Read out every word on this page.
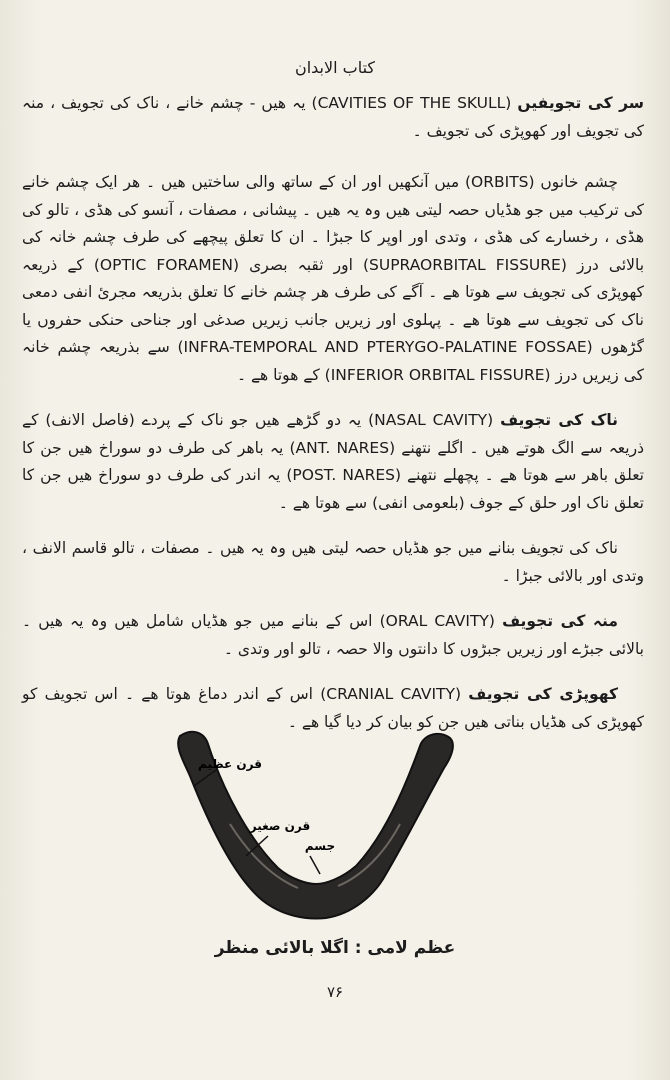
کتاب الابدان

سر کی تجویفیں (CAVITIES OF THE SKULL) یہ ھیں - چشم خانے ، ناک کی تجویف ، منہ کی تجویف اور کھوپڑی کی تجویف ۔

چشم خانوں (ORBITS) میں آنکھیں اور ان کے ساتھ والی ساختیں ھیں ۔ ھر ایک چشم خانے کی ترکیب میں جو ھڈیاں حصہ لیتی ھیں وہ یہ ھیں ۔ پیشانی ، مصفات ، آنسو کی ھڈی ، تالو کی ھڈی ، رخسارے کی ھڈی ، وتدی اور اوپر کا جبڑا ۔ ان کا تعلق پیچھے کی طرف چشم خانہ کی بالائی درز (SUPRAORBITAL FISSURE) اور ثقبہ بصری (OPTIC FORAMEN) کے ذریعہ کھوپڑی کی تجویف سے ھوتا ھے ۔ آگے کی طرف ھر چشم خانے کا تعلق بذریعہ مجریٔ انفی دمعی ناک کی تجویف سے ھوتا ھے ۔ پہلوی اور زیریں جانب زیریں صدغی اور جناحی حنکی حفروں یا گڑھوں (INFRA-TEMPORAL AND PTERYGO-PALATINE FOSSAE) سے بذریعہ چشم خانہ کی زیریں درز (INFERIOR ORBITAL FISSURE) کے ھوتا ھے ۔

ناک کی تجویف (NASAL CAVITY) یہ دو گڑھے ھیں جو ناک کے پردے (فاصل الانف) کے ذریعہ سے الگ ھوتے ھیں ۔ اگلے نتھنے (ANT. NARES) یہ باھر کی طرف دو سوراخ ھیں جن کا تعلق باھر سے ھوتا ھے ۔ پچھلے نتھنے (POST. NARES) یہ اندر کی طرف دو سوراخ ھیں جن کا تعلق ناک اور حلق کے جوف (بلعومی انفی) سے ھوتا ھے ۔

ناک کی تجویف بنانے میں جو ھڈیاں حصہ لیتی ھیں وہ یہ ھیں ۔ مصفات ، تالو قاسم الانف ، وتدی اور بالائی جبڑا ۔

منہ کی تجویف (ORAL CAVITY) اس کے بنانے میں جو ھڈیاں شامل ھیں وہ یہ ھیں ۔ بالائی جبڑے اور زیریں جبڑوں کا دانتوں والا حصہ ، تالو اور وتدی ۔

کھوپڑی کی تجویف (CRANIAL CAVITY) اس کے اندر دماغ ھوتا ھے ۔ اس تجویف کو کھوپڑی کی ھڈیاں بناتی ھیں جن کو بیان کر دیا گیا ھے ۔

قرن عظیم
قرن صغیر
جسم
عظم لامی : اگلا بالائی منظر
۷۶
